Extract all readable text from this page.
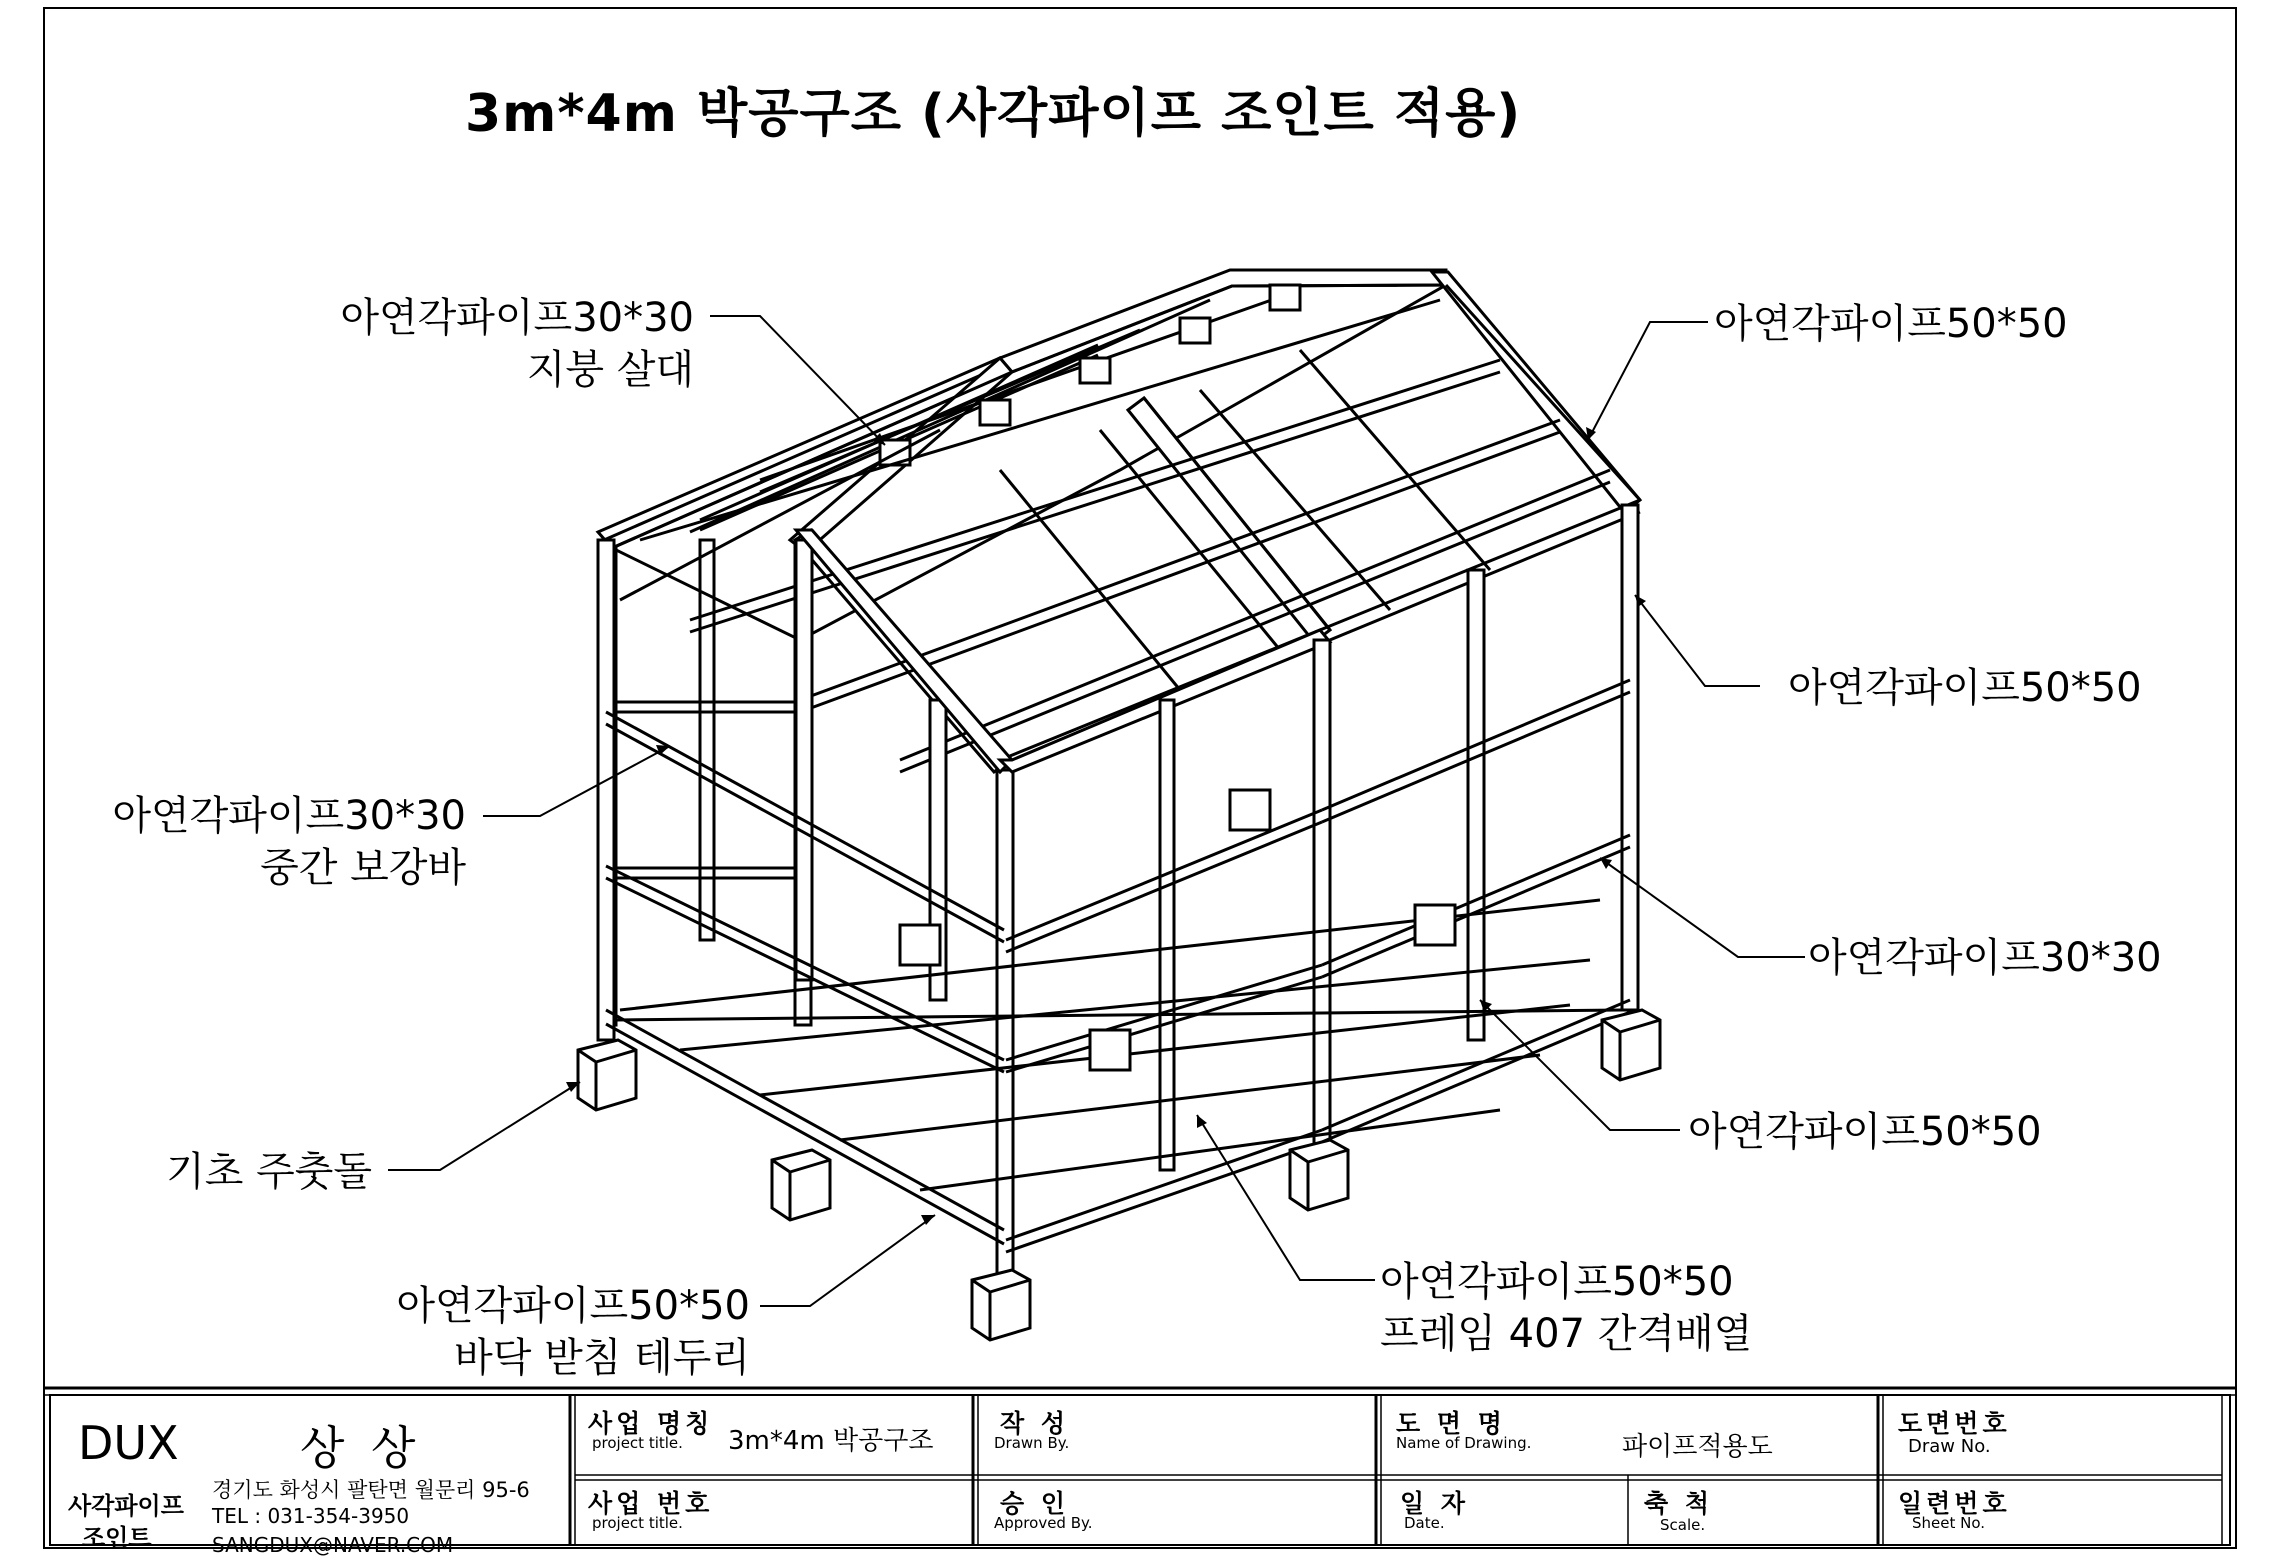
3m*4m 박공구조 (사각파이프 조인트 적용)
아연각파이프30*30
지붕 살대
아연각파이프50*50
아연각파이프50*50
아연각파이프30*30
중간 보강바
아연각파이프30*30
아연각파이프50*50
기초 주춧돌
아연각파이프50*50
바닥 받침 테두리
아연각파이프50*50
프레임 407 간격배열
DUX	상 상
사각파이프
조인트
경기도 화성시 팔탄면 월문리 95-6
TEL : 031-354-3950
SANGDUX@NAVER.COM
사업 명칭
project title. 3m*4m 박공구조
사업 번호
project title.
작 성
Drawn By.
승 인
Approved By.
도 면 명
Name of Drawing.	파이프적용도
일 자
Date.
축 척
Scale.
도면번호
Draw No.
일련번호
Sheet No.
